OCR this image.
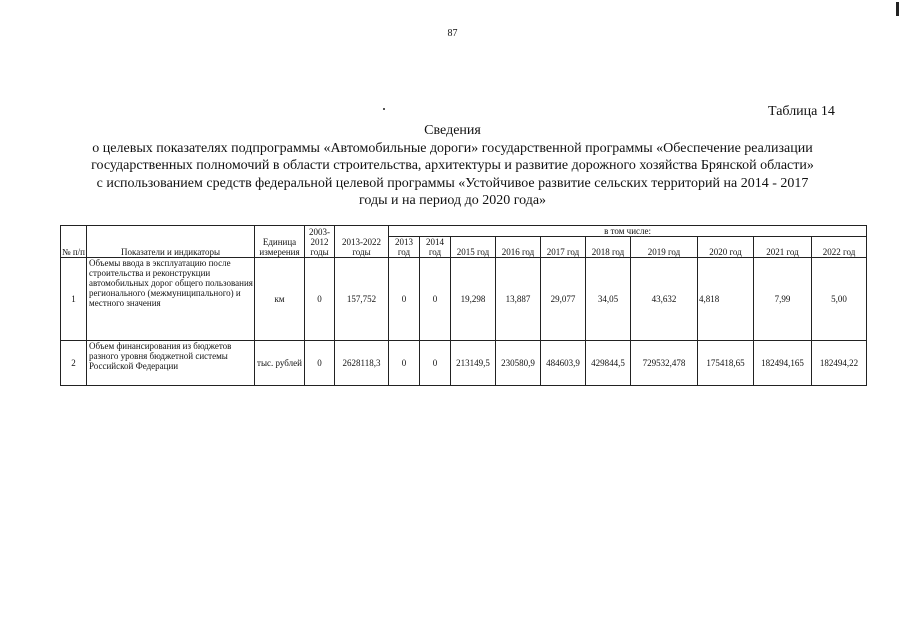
87
Таблица 14
Сведения
о целевых показателях подпрограммы «Автомобильные дороги» государственной программы «Обеспечение реализации
государственных полномочий в области строительства, архитектуры и развитие дорожного хозяйства Брянской области»
с использованием средств федеральной целевой программы «Устойчивое развитие сельских территорий на 2014 - 2017
годы и на период до 2020 года»
№ п/п	Показатели и индикаторы	Единица измерения	2003-2012 годы	2013-2022 годы	в том числе:									
					2013 год	2014 год	2015 год	2016 год	2017 год	2018 год	2019 год	2020 год	2021 год	2022 год
1	Объемы ввода в эксплуатацию после строительства и реконструкции автомобильных дорог общего пользования регионального (межмуниципального) и местного значения	км	0	157,752	0	0	19,298	13,887	29,077	34,05	43,632	4,818	7,99	5,00
2	Объем финансирования из бюджетов разного уровня бюджетной системы Российской Федерации	тыс. рублей	0	2628118,3	0	0	213149,5	230580,9	484603,9	429844,5	729532,478	175418,65	182494,165	182494,22
